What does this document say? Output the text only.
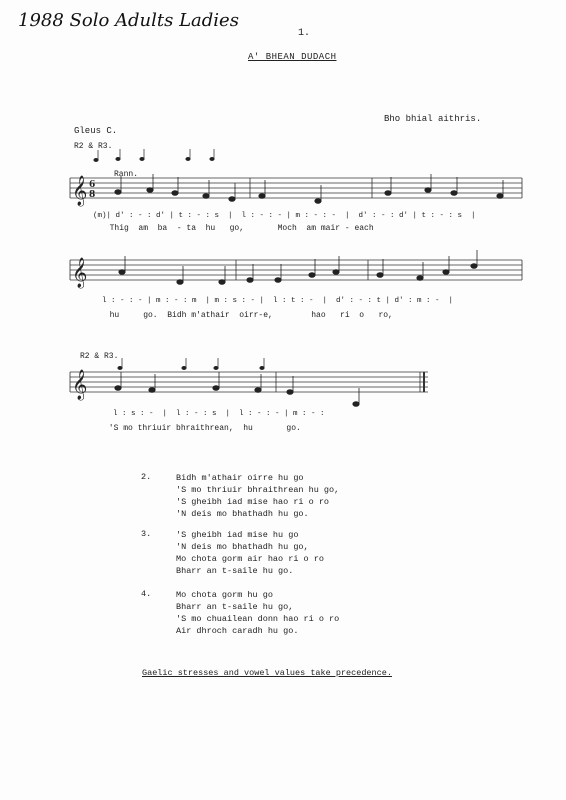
1988 Solo Adults Ladies
1.
A' BHEAN DUDACH
Bho bhial aithris.
Gleus C.
R2 & R3.
Rann.
R2 & R3.
𝄞
𝄞
𝄞
6
8
(m)| d' : - : d' | t : - : s  |  l : - : - | m : - : -  |  d' : - : d' | t : - : s  |
Thig  am  ba  - ta  hu   go,       Moch  am mair - each
l : - : - | m : - : m  | m : s : - |  l : t : -  |  d' : - : t | d' : m : -  |
hu     go.  Bidh m'athair  oirr-e,        hao   ri  o   ro,
l : s : -  |  l : - : s  |  l : - : - | m : - :
'S mo thriuir bhraithrean,  hu       go.
2.	Bidh m'athair oirre hu go
'S mo thriuir bhraithrean hu go,
'S gheibh iad mise hao ri o ro
'N deis mo bhathadh hu go.
3.	'S gheibh iad mise hu go
'N deis mo bhathadh hu go,
Mo chota gorm air hao ri o ro
Bharr an t-saile hu go.
4.	Mo chota gorm hu go
Bharr an t-saile hu go,
'S mo chuailean donn hao ri o ro
Air dhroch caradh hu go.
Gaelic stresses and vowel values take precedence.
